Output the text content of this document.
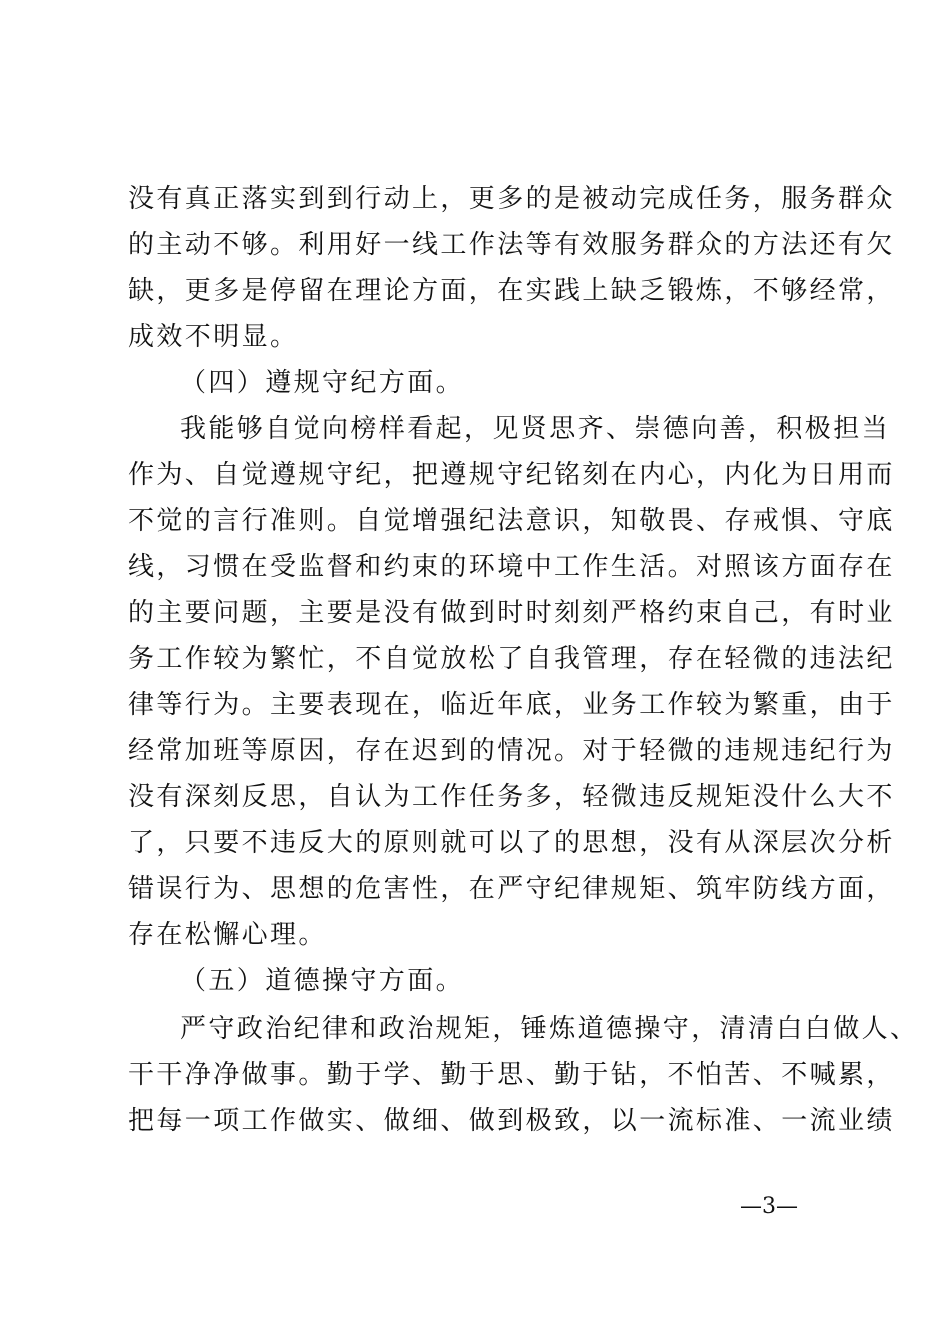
没有真正落实到到行动上，更多的是被动完成任务，服务群众
的主动不够。利用好一线工作法等有效服务群众的方法还有欠
缺，更多是停留在理论方面，在实践上缺乏锻炼，不够经常，
成效不明显。
（四）遵规守纪方面。
我能够自觉向榜样看起，见贤思齐、崇德向善，积极担当
作为、自觉遵规守纪，把遵规守纪铭刻在内心，内化为日用而
不觉的言行准则。自觉增强纪法意识，知敬畏、存戒惧、守底
线，习惯在受监督和约束的环境中工作生活。对照该方面存在
的主要问题，主要是没有做到时时刻刻严格约束自己，有时业
务工作较为繁忙，不自觉放松了自我管理，存在轻微的违法纪
律等行为。主要表现在，临近年底，业务工作较为繁重，由于
经常加班等原因，存在迟到的情况。对于轻微的违规违纪行为
没有深刻反思，自认为工作任务多，轻微违反规矩没什么大不
了，只要不违反大的原则就可以了的思想，没有从深层次分析
错误行为、思想的危害性，在严守纪律规矩、筑牢防线方面，
存在松懈心理。
（五）道德操守方面。
严守政治纪律和政治规矩，锤炼道德操守，清清白白做人、
干干净净做事。勤于学、勤于思、勤于钻，不怕苦、不喊累，
把每一项工作做实、做细、做到极致，以一流标准、一流业绩
—3—
